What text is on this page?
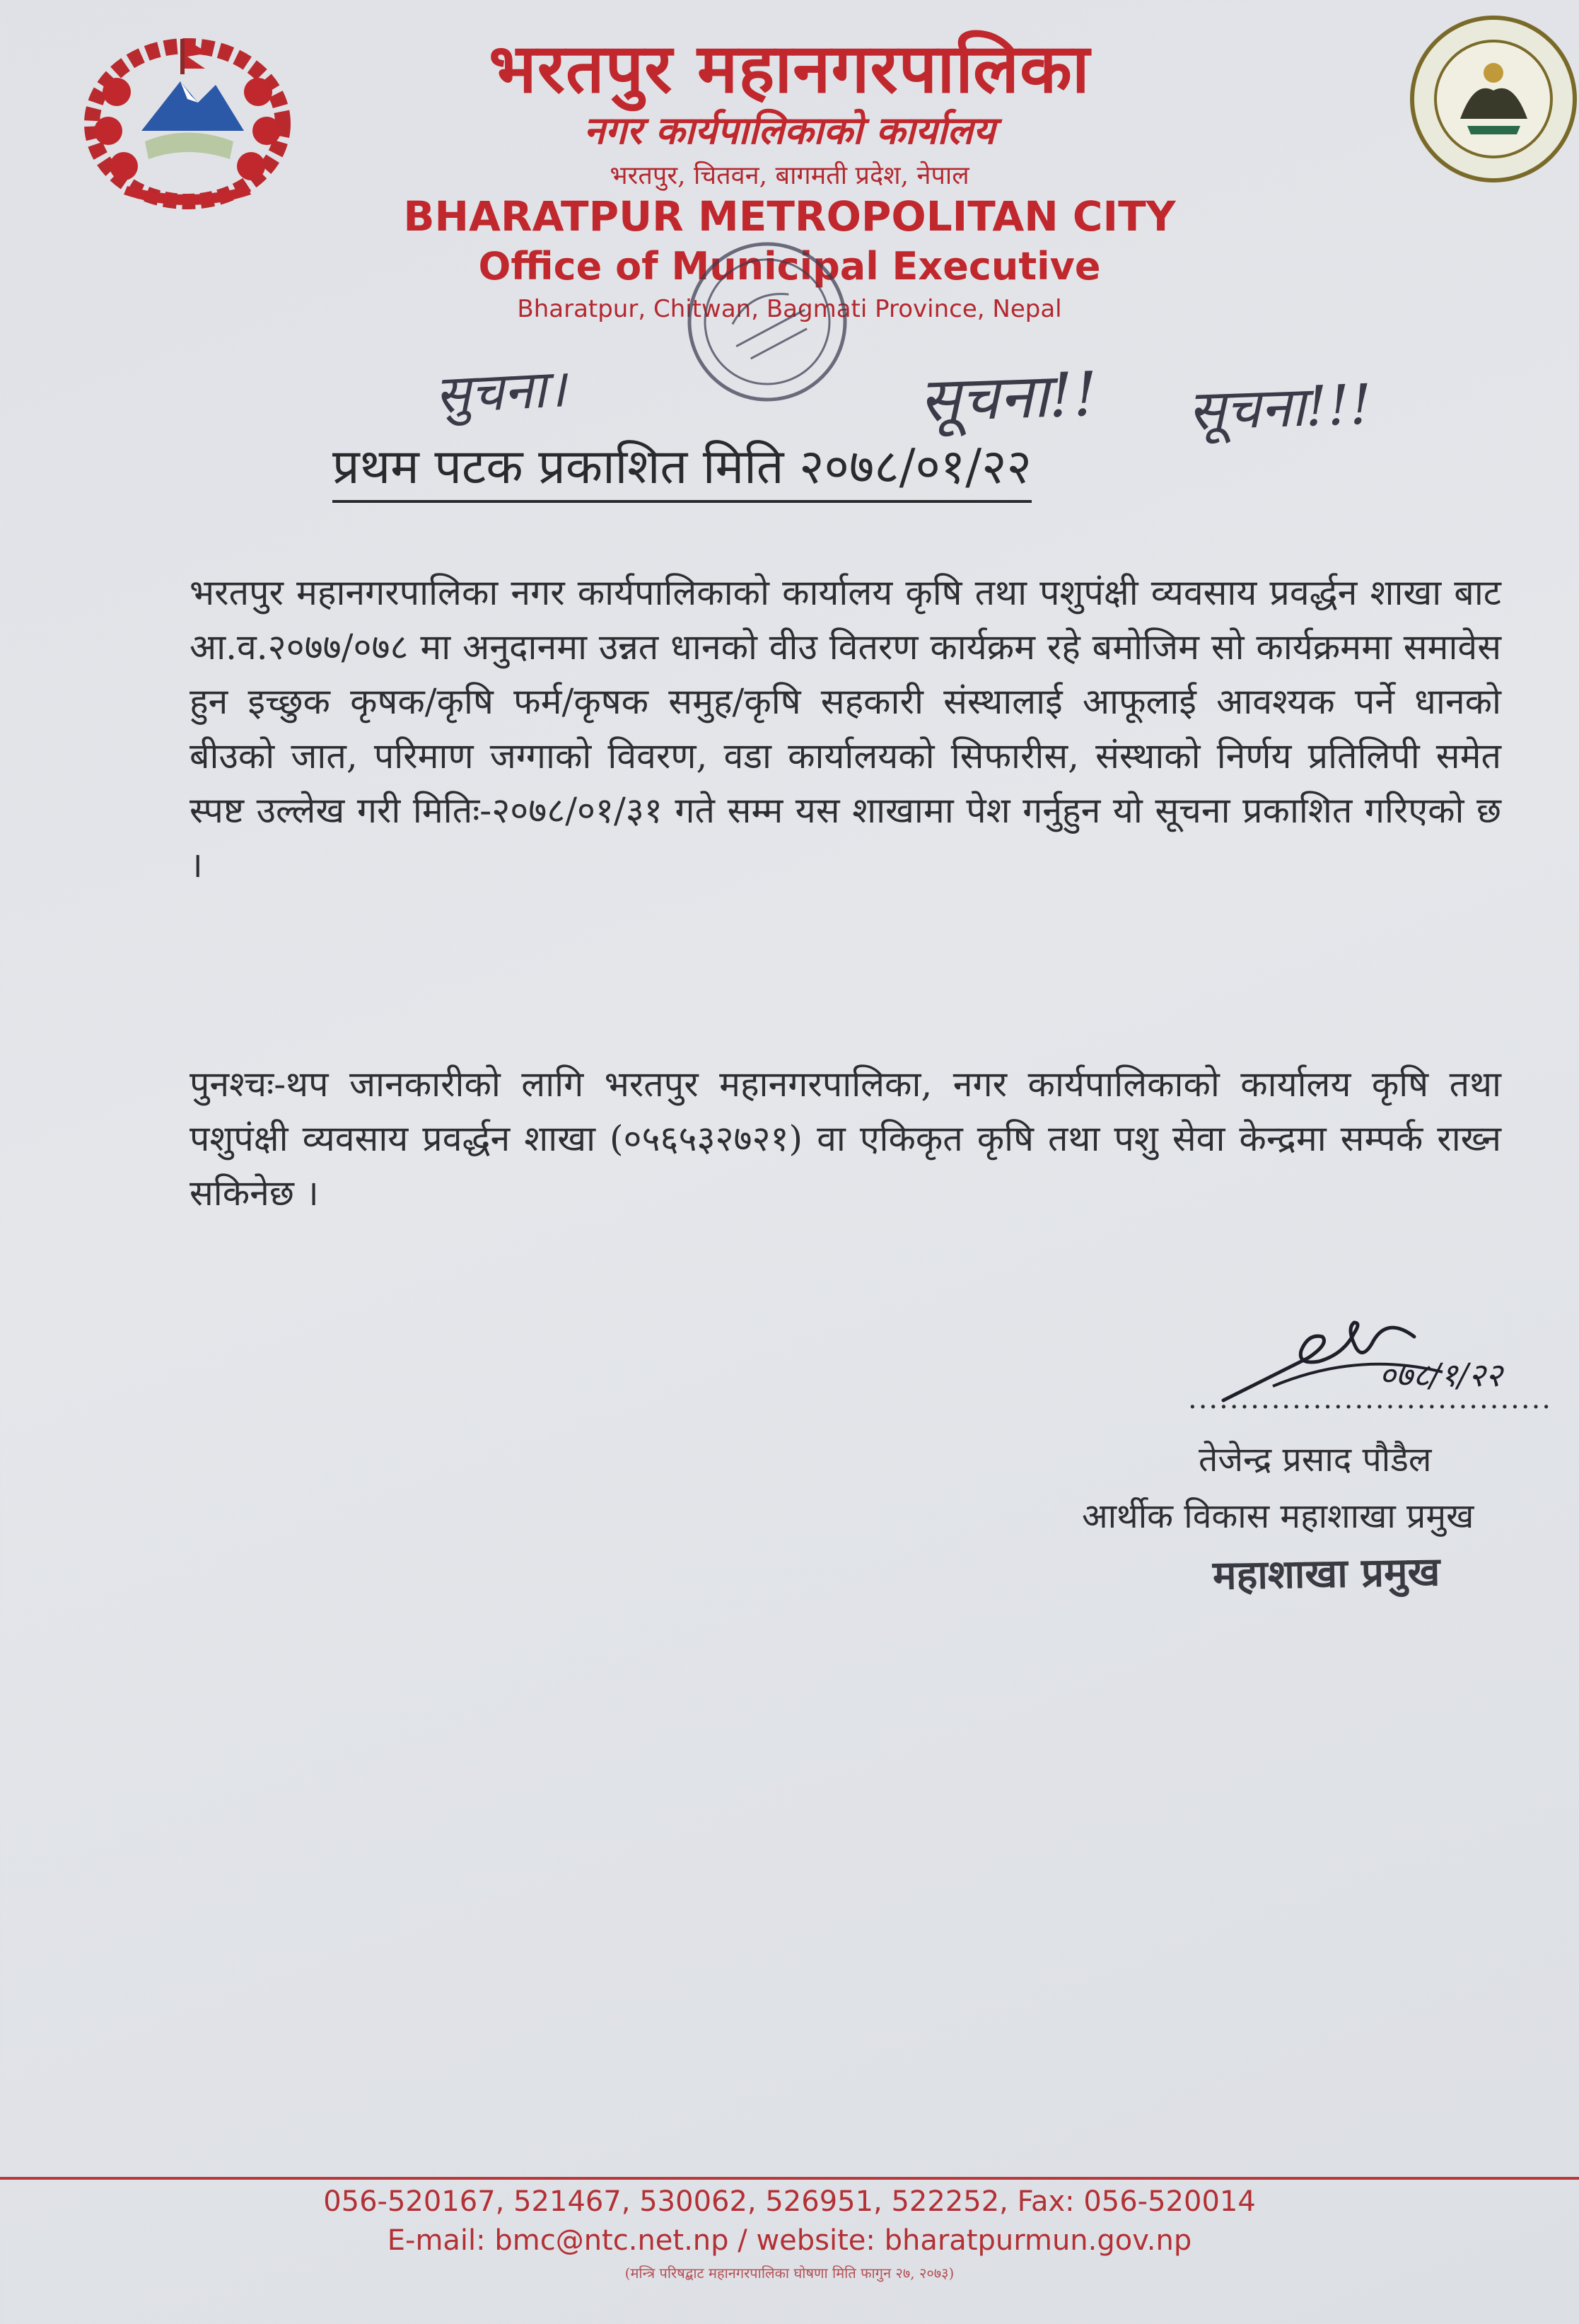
भरतपुर महानगरपालिका
नगर कार्यपालिकाको कार्यालय
भरतपुर, चितवन, बागमती प्रदेश, नेपाल
BHARATPUR METROPOLITAN CITY
Office of Municipal Executive
Bharatpur, Chitwan, Bagmati Province, Nepal
सुचना।	सूचना!! सूचना!!!
प्रथम पटक प्रकाशित मिति २०७८/०१/२२
भरतपुर महानगरपालिका नगर कार्यपालिकाको कार्यालय कृषि तथा पशुपंक्षी व्यवसाय प्रवर्द्धन शाखा बाट आ.व.२०७७/०७८ मा अनुदानमा उन्नत धानको वीउ वितरण कार्यक्रम रहे बमोजिम सो कार्यक्रममा समावेस हुन इच्छुक कृषक/कृषि फर्म/कृषक समुह/कृषि सहकारी संस्थालाई आफूलाई आवश्यक पर्ने धानको बीउको जात, परिमाण जग्गाको विवरण, वडा कार्यालयको सिफारीस, संस्थाको निर्णय प्रतिलिपी समेत स्पष्ट उल्लेख गरी मितिः-२०७८/०१/३१ गते सम्म यस शाखामा पेश गर्नुहुन यो सूचना प्रकाशित गरिएको छ ।
पुनश्चः-थप जानकारीको लागि भरतपुर महानगरपालिका, नगर कार्यपालिकाको कार्यालय कृषि तथा पशुपंक्षी व्यवसाय प्रवर्द्धन शाखा (०५६५३२७२१) वा एकिकृत कृषि तथा पशु सेवा केन्द्रमा सम्पर्क राख्न सकिनेछ ।
०७८/१/२२
...................................
तेजेन्द्र प्रसाद पौडैल
आर्थीक विकास महाशाखा प्रमुख
महाशाखा प्रमुख
056-520167, 521467, 530062, 526951, 522252, Fax: 056-520014
E-mail: bmc@ntc.net.np / website: bharatpurmun.gov.np
(मन्त्रि परिषद्बाट महानगरपालिका घोषणा मिति फागुन २७, २०७३)
